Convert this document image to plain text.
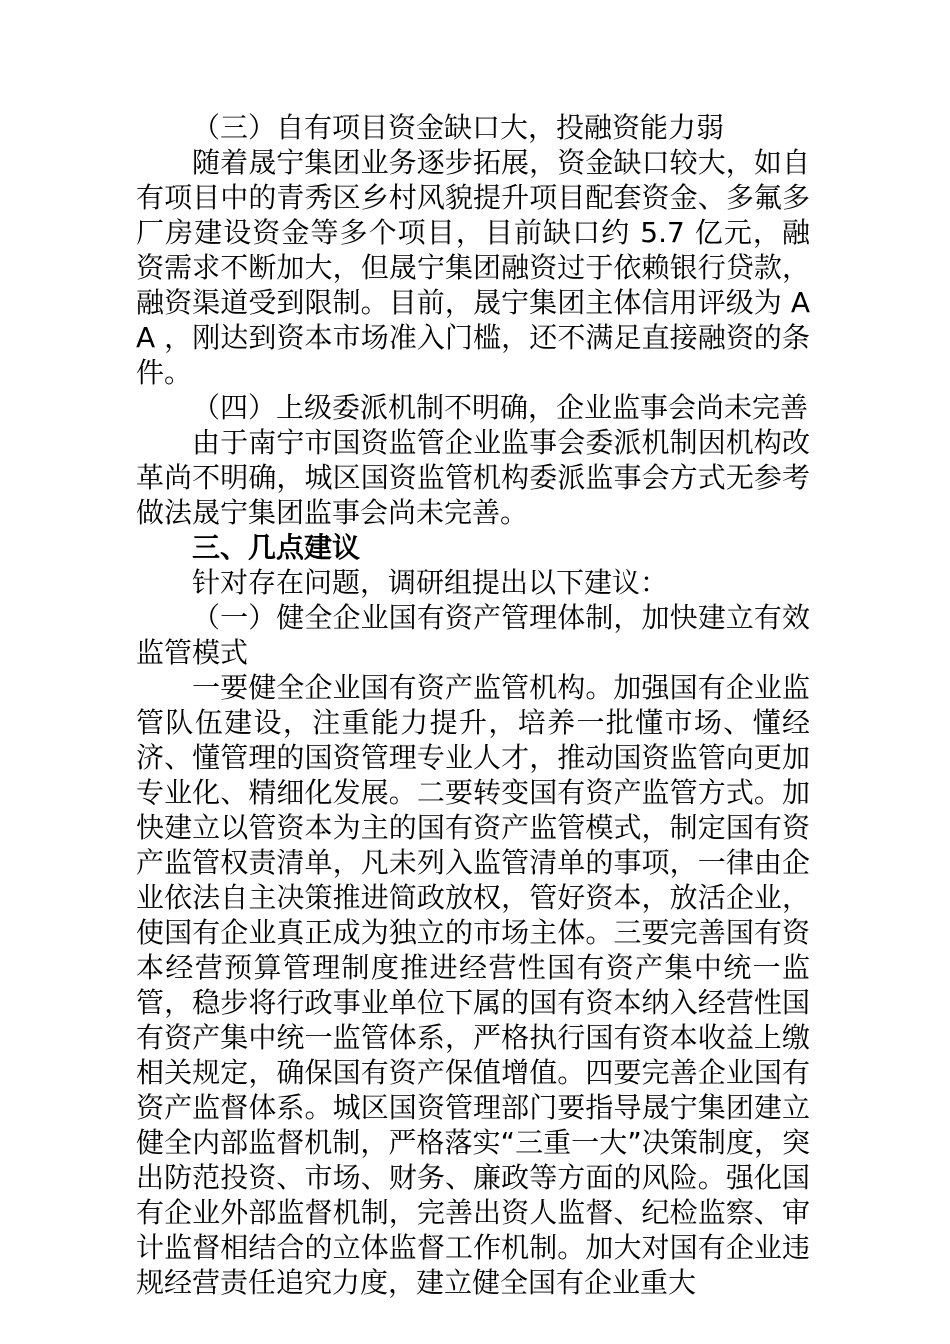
（三）自有项目资金缺口大，投融资能力弱

随着晟宁集团业务逐步拓展，资金缺口较大，如自有项目中的青秀区乡村风貌提升项目配套资金、多氟多厂房建设资金等多个项目，目前缺口约 5.7 亿元，融资需求不断加大，但晟宁集团融资过于依赖银行贷款，融资渠道受到限制。目前，晟宁集团主体信用评级为 AA ，刚达到资本市场准入门槛，还不满足直接融资的条件。

（四）上级委派机制不明确，企业监事会尚未完善

由于南宁市国资监管企业监事会委派机制因机构改革尚不明确，城区国资监管机构委派监事会方式无参考做法晟宁集团监事会尚未完善。

三、几点建议

针对存在问题，调研组提出以下建议：

（一）健全企业国有资产管理体制，加快建立有效监管模式

一要健全企业国有资产监管机构。加强国有企业监管队伍建设，注重能力提升，培养一批懂市场、懂经济、懂管理的国资管理专业人才，推动国资监管向更加专业化、精细化发展。二要转变国有资产监管方式。加快建立以管资本为主的国有资产监管模式，制定国有资产监管权责清单，凡未列入监管清单的事项，一律由企业依法自主决策推进简政放权，管好资本，放活企业，使国有企业真正成为独立的市场主体。三要完善国有资本经营预算管理制度推进经营性国有资产集中统一监管，稳步将行政事业单位下属的国有资本纳入经营性国有资产集中统一监管体系，严格执行国有资本收益上缴相关规定，确保国有资产保值增值。四要完善企业国有资产监督体系。城区国资管理部门要指导晟宁集团建立健全内部监督机制，严格落实“三重一大”决策制度，突出防范投资、市场、财务、廉政等方面的风险。强化国有企业外部监督机制，完善出资人监督、纪检监察、审计监督相结合的立体监督工作机制。加大对国有企业违规经营责任追究力度，建立健全国有企业重大
